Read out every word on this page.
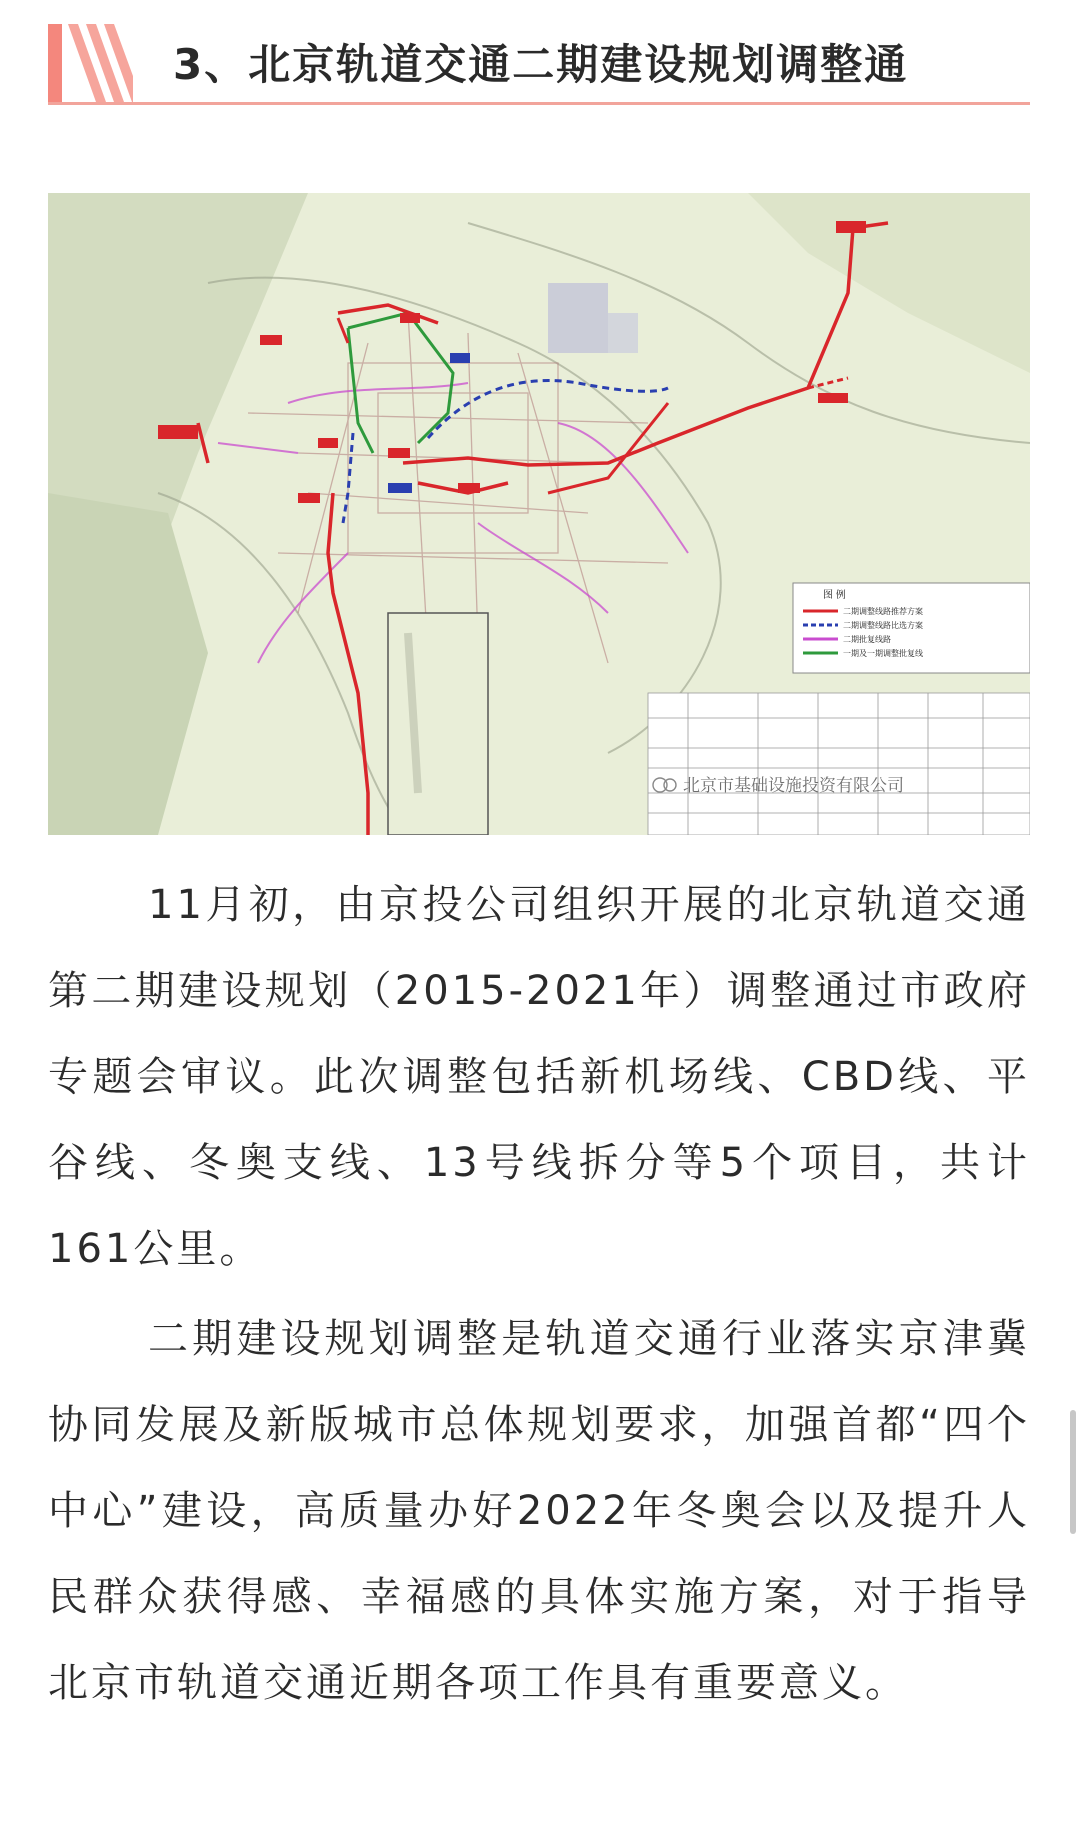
3、北京轨道交通二期建设规划调整通
图 例
二期调整线路推荐方案
二期调整线路比选方案
二期批复线路
一期及一期调整批复线
北京市基础设施投资有限公司

11月初，由京投公司组织开展的北京轨道交通第二期建设规划（2015-2021年）调整通过市政府专题会审议。此次调整包括新机场线、CBD线、平谷线、冬奥支线、13号线拆分等5个项目，共计161公里。

二期建设规划调整是轨道交通行业落实京津冀协同发展及新版城市总体规划要求，加强首都“四个中心”建设，高质量办好2022年冬奥会以及提升人民群众获得感、幸福感的具体实施方案，对于指导北京市轨道交通近期各项工作具有重要意义。
